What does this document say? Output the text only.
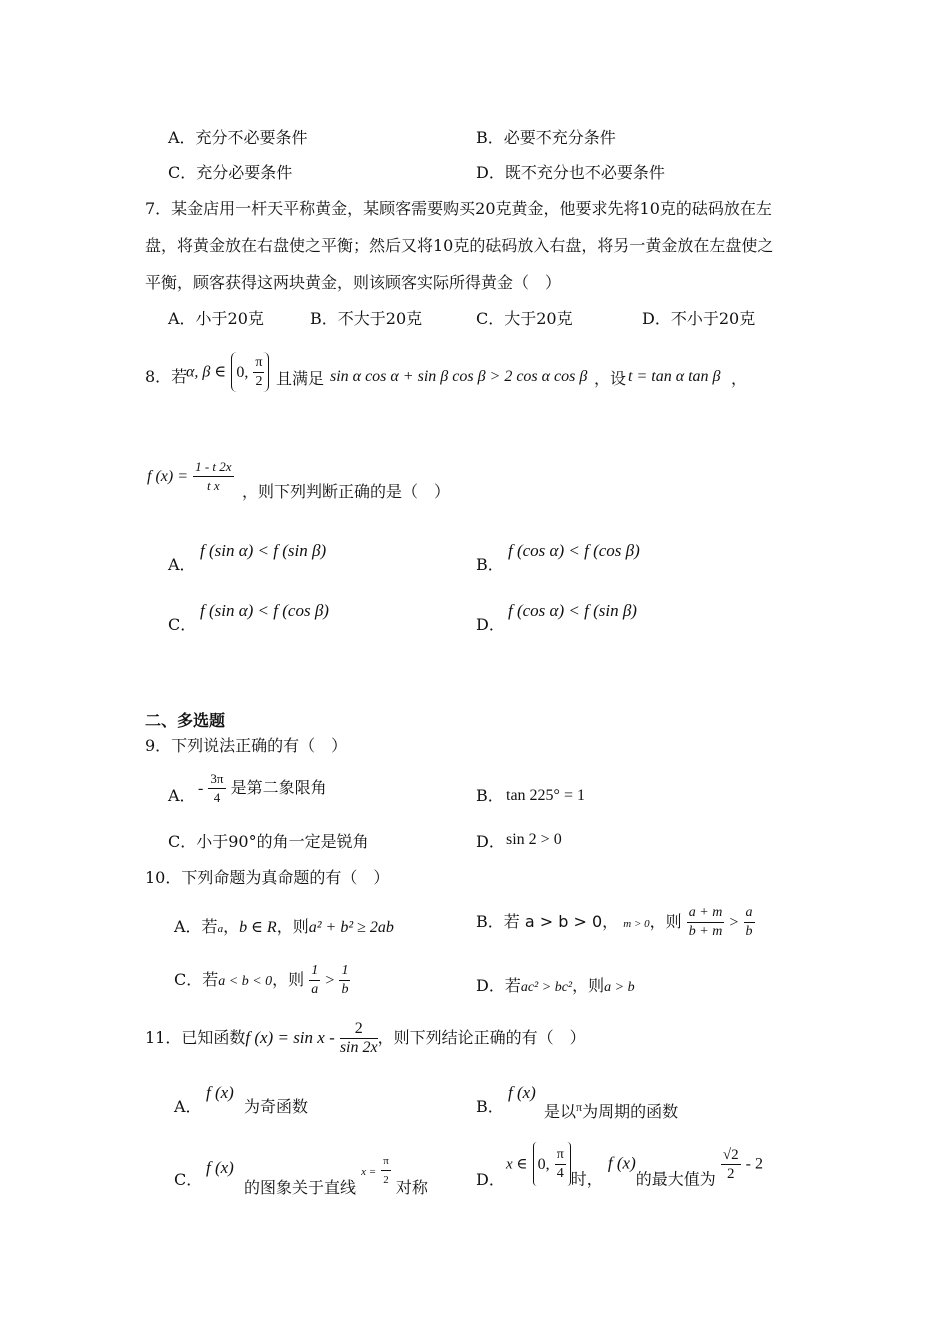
A．充分不必要条件	B．必要不充分条件
C．充分必要条件	D．既不充分也不必要条件
7．某金店用一杆天平称黄金，某顾客需要购买20克黄金，他要求先将10克的砝码放在左
盘，将黄金放在右盘使之平衡；然后又将10克的砝码放入右盘，将另一黄金放在左盘使之
平衡，顾客获得这两块黄金，则该顾客实际所得黄金（　）
A．小于20克	B．不大于20克	C．大于20克	D．不小于20克
8．若
α, β ∈ 0, $\frac{\pi}{2}$ 且满足 sin α cos α + sin β cos β > 2 cos α cos β ，设 t = tan α tan β ，
f $(x) = \frac{1 - t 2x}{\text{t x}}$ ，则下列判断正确的是（　）
A．
f (sin α) < f (sin β)
B．
f (cos α) < f (cos β)
C．
f (sin α) < f (cos β)
D．
f (cos α) < f (sin β)
二、多选题
9．下列说法正确的有（　）
A． - $\frac{3\pi}{4}$ 是第二象限角	B． tan 225° = 1
C．小于90°的角一定是锐角	D． sin 2 > 0
10．下列命题为真命题的有（　）
A．若a，b ∈ R，则a² + b² ≥ 2ab	B．若 a > b > 0， m > 0，则 $\frac{a + m}{b + m} > \frac{a}{b}$
C．若a < b < 0，则 $\frac{1}{a} > \frac{1}{b}$	D．若ac² > bc²，则a > b
11．已知函数f $(x) = \sin x - \frac{2}{\sin 2x}$ ，则下列结论正确的有（　）
A．
f (x)
为奇函数	B．
f (x)
是以$^\pi$为周期的函数
C．
f (x)
的图象关于直线 $x = \frac{\pi}{2}$ 对称	D．
x ∈ 0, $\frac{\pi}{4}$ 时， f (x)的最大值为 $\frac{√2}{2} - 2$
